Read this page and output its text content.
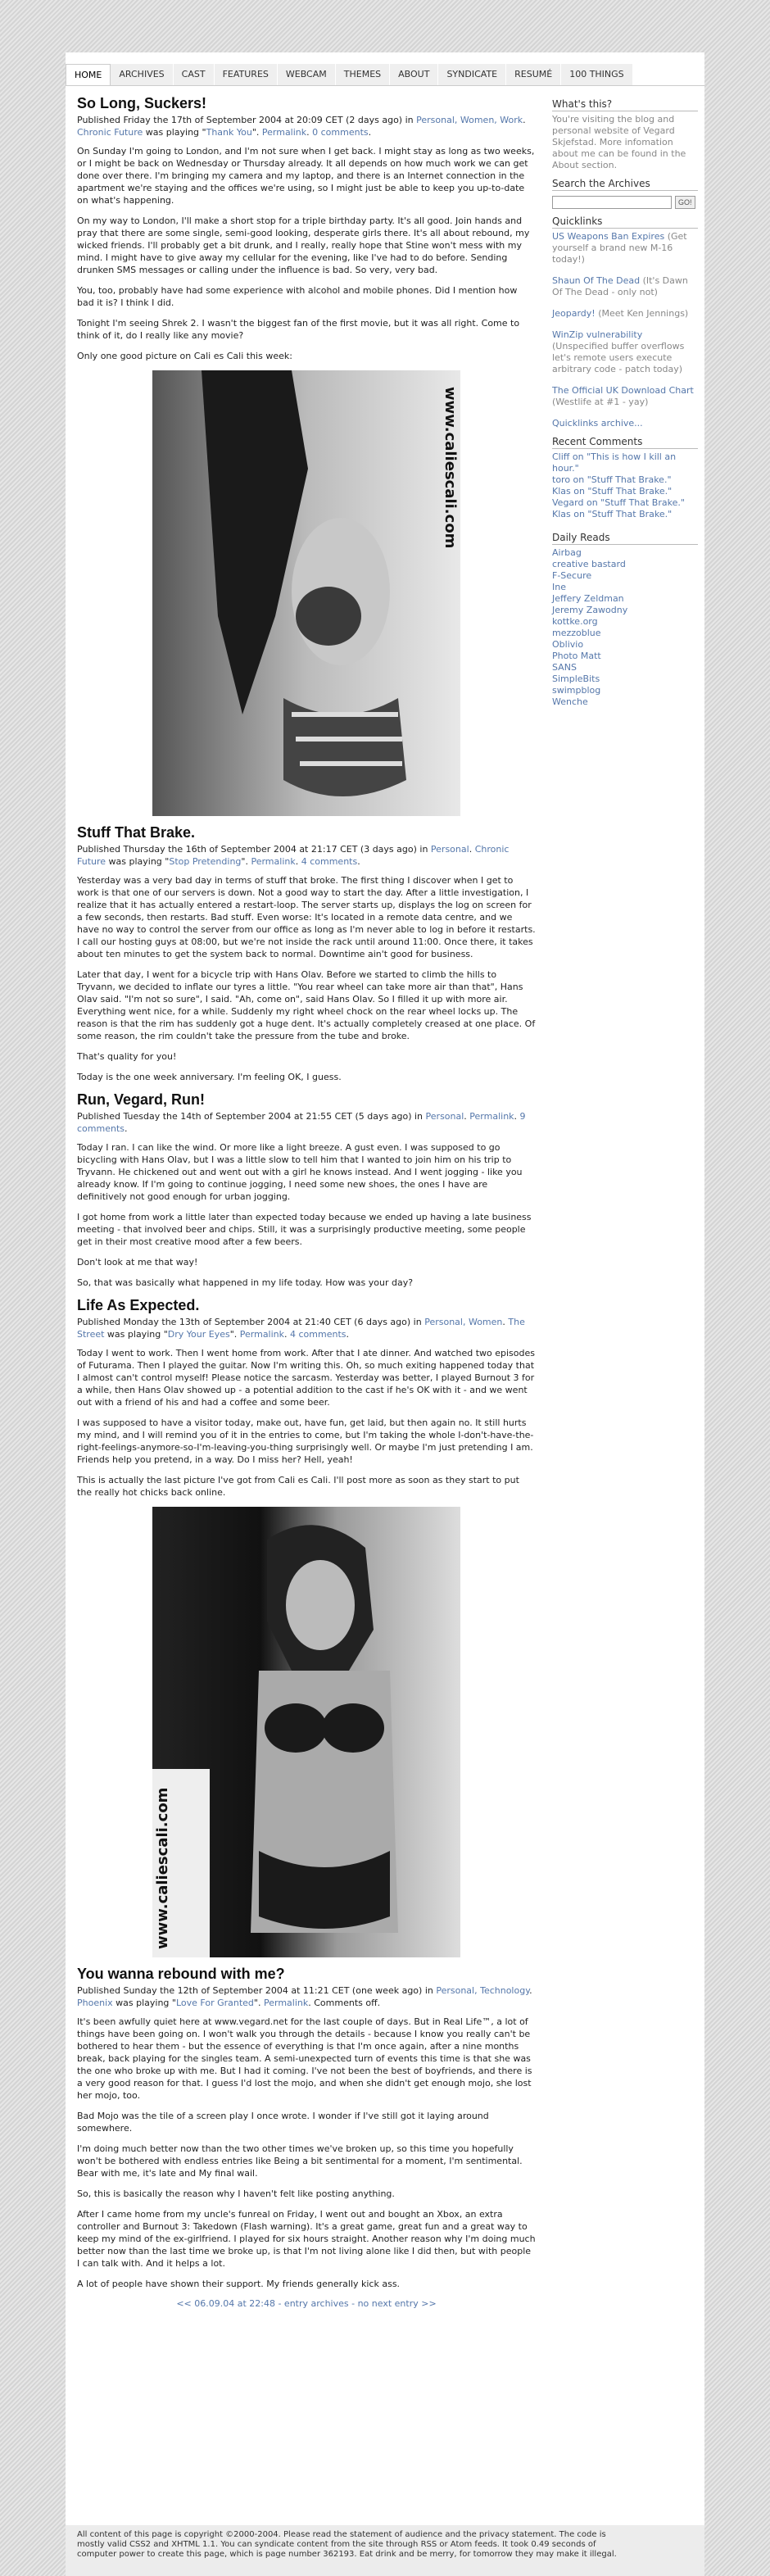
HOME	ARCHIVES	CAST	FEATURES	WEBCAM	THEMES	ABOUT	SYNDICATE	RESUMÉ	100 THINGS
So Long, Suckers!
Published Friday the 17th of September 2004 at 20:09 CET (2 days ago) in Personal, Women, Work. Chronic Future was playing "Thank You". Permalink. 0 comments.

On Sunday I'm going to London, and I'm not sure when I get back. I might stay as long as two weeks, or I might be back on Wednesday or Thursday already. It all depends on how much work we can get done over there. I'm bringing my camera and my laptop, and there is an Internet connection in the apartment we're staying and the offices we're using, so I might just be able to keep you up-to-date on what's happening.

On my way to London, I'll make a short stop for a triple birthday party. It's all good. Join hands and pray that there are some single, semi-good looking, desperate girls there. It's all about rebound, my wicked friends. I'll probably get a bit drunk, and I really, really hope that Stine won't mess with my mind. I might have to give away my cellular for the evening, like I've had to do before. Sending drunken SMS messages or calling under the influence is bad. So very, very bad.

You, too, probably have had some experience with alcohol and mobile phones. Did I mention how bad it is? I think I did.

Tonight I'm seeing Shrek 2. I wasn't the biggest fan of the first movie, but it was all right. Come to think of it, do I really like any movie?

Only one good picture on Cali es Cali this week:

www.caliescali.com
Stuff That Brake.
Published Thursday the 16th of September 2004 at 21:17 CET (3 days ago) in Personal. Chronic Future was playing "Stop Pretending". Permalink. 4 comments.

Yesterday was a very bad day in terms of stuff that broke. The first thing I discover when I get to work is that one of our servers is down. Not a good way to start the day. After a little investigation, I realize that it has actually entered a restart-loop. The server starts up, displays the log on screen for a few seconds, then restarts. Bad stuff. Even worse: It's located in a remote data centre, and we have no way to control the server from our office as long as I'm never able to log in before it restarts. I call our hosting guys at 08:00, but we're not inside the rack until around 11:00. Once there, it takes about ten minutes to get the system back to normal. Downtime ain't good for business.

Later that day, I went for a bicycle trip with Hans Olav. Before we started to climb the hills to Tryvann, we decided to inflate our tyres a little. "You rear wheel can take more air than that", Hans Olav said. "I'm not so sure", I said. "Ah, come on", said Hans Olav. So I filled it up with more air. Everything went nice, for a while. Suddenly my right wheel chock on the rear wheel locks up. The reason is that the rim has suddenly got a huge dent. It's actually completely creased at one place. Of some reason, the rim couldn't take the pressure from the tube and broke.

That's quality for you!

Today is the one week anniversary. I'm feeling OK, I guess.

Run, Vegard, Run!
Published Tuesday the 14th of September 2004 at 21:55 CET (5 days ago) in Personal. Permalink. 9 comments.

Today I ran. I can like the wind. Or more like a light breeze. A gust even. I was supposed to go bicycling with Hans Olav, but I was a little slow to tell him that I wanted to join him on his trip to Tryvann. He chickened out and went out with a girl he knows instead. And I went jogging - like you already know. If I'm going to continue jogging, I need some new shoes, the ones I have are definitively not good enough for urban jogging.

I got home from work a little later than expected today because we ended up having a late business meeting - that involved beer and chips. Still, it was a surprisingly productive meeting, some people get in their most creative mood after a few beers.

Don't look at me that way!

So, that was basically what happened in my life today. How was your day?

Life As Expected.
Published Monday the 13th of September 2004 at 21:40 CET (6 days ago) in Personal, Women. The Street was playing "Dry Your Eyes". Permalink. 4 comments.

Today I went to work. Then I went home from work. After that I ate dinner. And watched two episodes of Futurama. Then I played the guitar. Now I'm writing this. Oh, so much exiting happened today that I almost can't control myself! Please notice the sarcasm. Yesterday was better, I played Burnout 3 for a while, then Hans Olav showed up - a potential addition to the cast if he's OK with it - and we went out with a friend of his and had a coffee and some beer.

I was supposed to have a visitor today, make out, have fun, get laid, but then again no. It still hurts my mind, and I will remind you of it in the entries to come, but I'm taking the whole I-don't-have-the-right-feelings-anymore-so-I'm-leaving-you-thing surprisingly well. Or maybe I'm just pretending I am. Friends help you pretend, in a way. Do I miss her? Hell, yeah!

This is actually the last picture I've got from Cali es Cali. I'll post more as soon as they start to put the really hot chicks back online.

www.caliescali.com
You wanna rebound with me?
Published Sunday the 12th of September 2004 at 11:21 CET (one week ago) in Personal, Technology. Phoenix was playing "Love For Granted". Permalink. Comments off.

It's been awfully quiet here at www.vegard.net for the last couple of days. But in Real Life™, a lot of things have been going on. I won't walk you through the details - because I know you really can't be bothered to hear them - but the essence of everything is that I'm once again, after a nine months break, back playing for the singles team. A semi-unexpected turn of events this time is that she was the one who broke up with me. But I had it coming. I've not been the best of boyfriends, and there is a very good reason for that. I guess I'd lost the mojo, and when she didn't get enough mojo, she lost her mojo, too.

Bad Mojo was the tile of a screen play I once wrote. I wonder if I've still got it laying around somewhere.

I'm doing much better now than the two other times we've broken up, so this time you hopefully won't be bothered with endless entries like Being a bit sentimental for a moment, I'm sentimental. Bear with me, it's late and My final wail.

So, this is basically the reason why I haven't felt like posting anything.

After I came home from my uncle's funreal on Friday, I went out and bought an Xbox, an extra controller and Burnout 3: Takedown (Flash warning). It's a great game, great fun and a great way to keep my mind of the ex-girlfriend. I played for six hours straight. Another reason why I'm doing much better now than the last time we broke up, is that I'm not living alone like I did then, but with people I can talk with. And it helps a lot.

A lot of people have shown their support. My friends generally kick ass.

<< 06.09.04 at 22:48 - entry archives - no next entry >>
What's this?
You're visiting the blog and personal website of Vegard Skjefstad. More infomation about me can be found in the About section.
Search the Archives
GO!
Quicklinks
US Weapons Ban Expires (Get yourself a brand new M-16 today!)
Shaun Of The Dead (It's Dawn Of The Dead - only not)
Jeopardy! (Meet Ken Jennings)
WinZip vulnerability (Unspecified buffer overflows let's remote users execute arbitrary code - patch today)
The Official UK Download Chart (Westlife at #1 - yay)
Quicklinks archive...
Recent Comments
Cliff on "This is how I kill an hour."
toro on "Stuff That Brake."
Klas on "Stuff That Brake."
Vegard on "Stuff That Brake."
Klas on "Stuff That Brake."
Daily Reads
Airbag
creative bastard
F-Secure
Ine
Jeffery Zeldman
Jeremy Zawodny
kottke.org
mezzoblue
Oblivio
Photo Matt
SANS
SimpleBits
swimpblog
Wenche
All content of this page is copyright ©2000-2004. Please read the statement of audience and the privacy statement. The code is
mostly valid CSS2 and XHTML 1.1. You can syndicate content from the site through RSS or Atom feeds. It took 0.49 seconds of
computer power to create this page, which is page number 362193. Eat drink and be merry, for tomorrow they may make it illegal.
